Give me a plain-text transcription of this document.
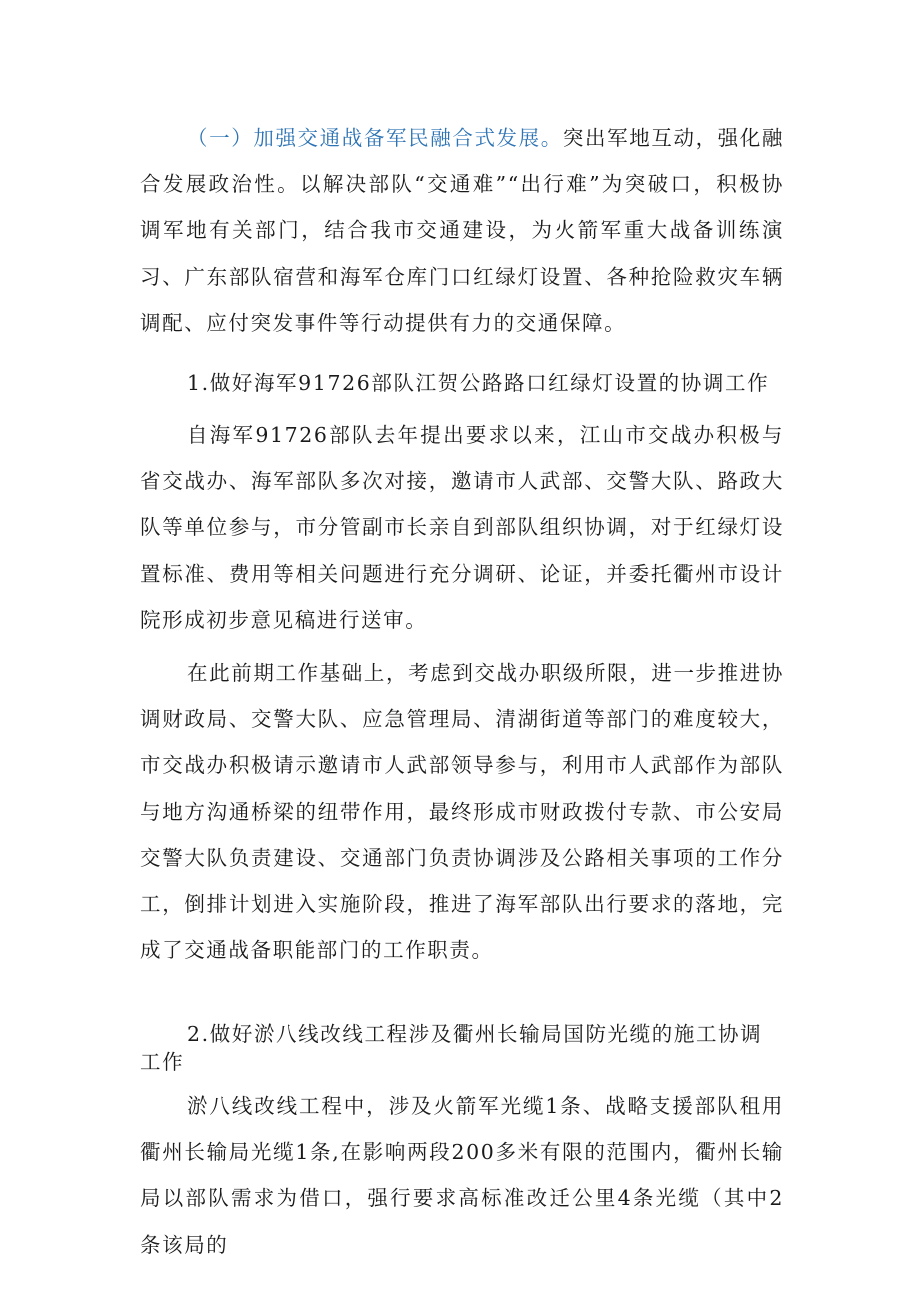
（一）加强交通战备军民融合式发展。突出军地互动，强化融合发展政治性。以解决部队“交通难”“出行难”为突破口，积极协调军地有关部门，结合我市交通建设，为火箭军重大战备训练演习、广东部队宿营和海军仓库门口红绿灯设置、各种抢险救灾车辆调配、应付突发事件等行动提供有力的交通保障。

1.做好海军91726部队江贺公路路口红绿灯设置的协调工作

自海军91726部队去年提出要求以来，江山市交战办积极与省交战办、海军部队多次对接，邀请市人武部、交警大队、路政大队等单位参与，市分管副市长亲自到部队组织协调，对于红绿灯设置标准、费用等相关问题进行充分调研、论证，并委托衢州市设计院形成初步意见稿进行送审。

在此前期工作基础上，考虑到交战办职级所限，进一步推进协调财政局、交警大队、应急管理局、清湖街道等部门的难度较大，市交战办积极请示邀请市人武部领导参与，利用市人武部作为部队与地方沟通桥梁的纽带作用，最终形成市财政拨付专款、市公安局交警大队负责建设、交通部门负责协调涉及公路相关事项的工作分工，倒排计划进入实施阶段，推进了海军部队出行要求的落地，完成了交通战备职能部门的工作职责。

2.做好淤八线改线工程涉及衢州长输局国防光缆的施工协调工作

淤八线改线工程中，涉及火箭军光缆1条、战略支援部队租用衢州长输局光缆1条,在影响两段200多米有限的范围内，衢州长输局以部队需求为借口，强行要求高标准改迁公里4条光缆（其中2条该局的
